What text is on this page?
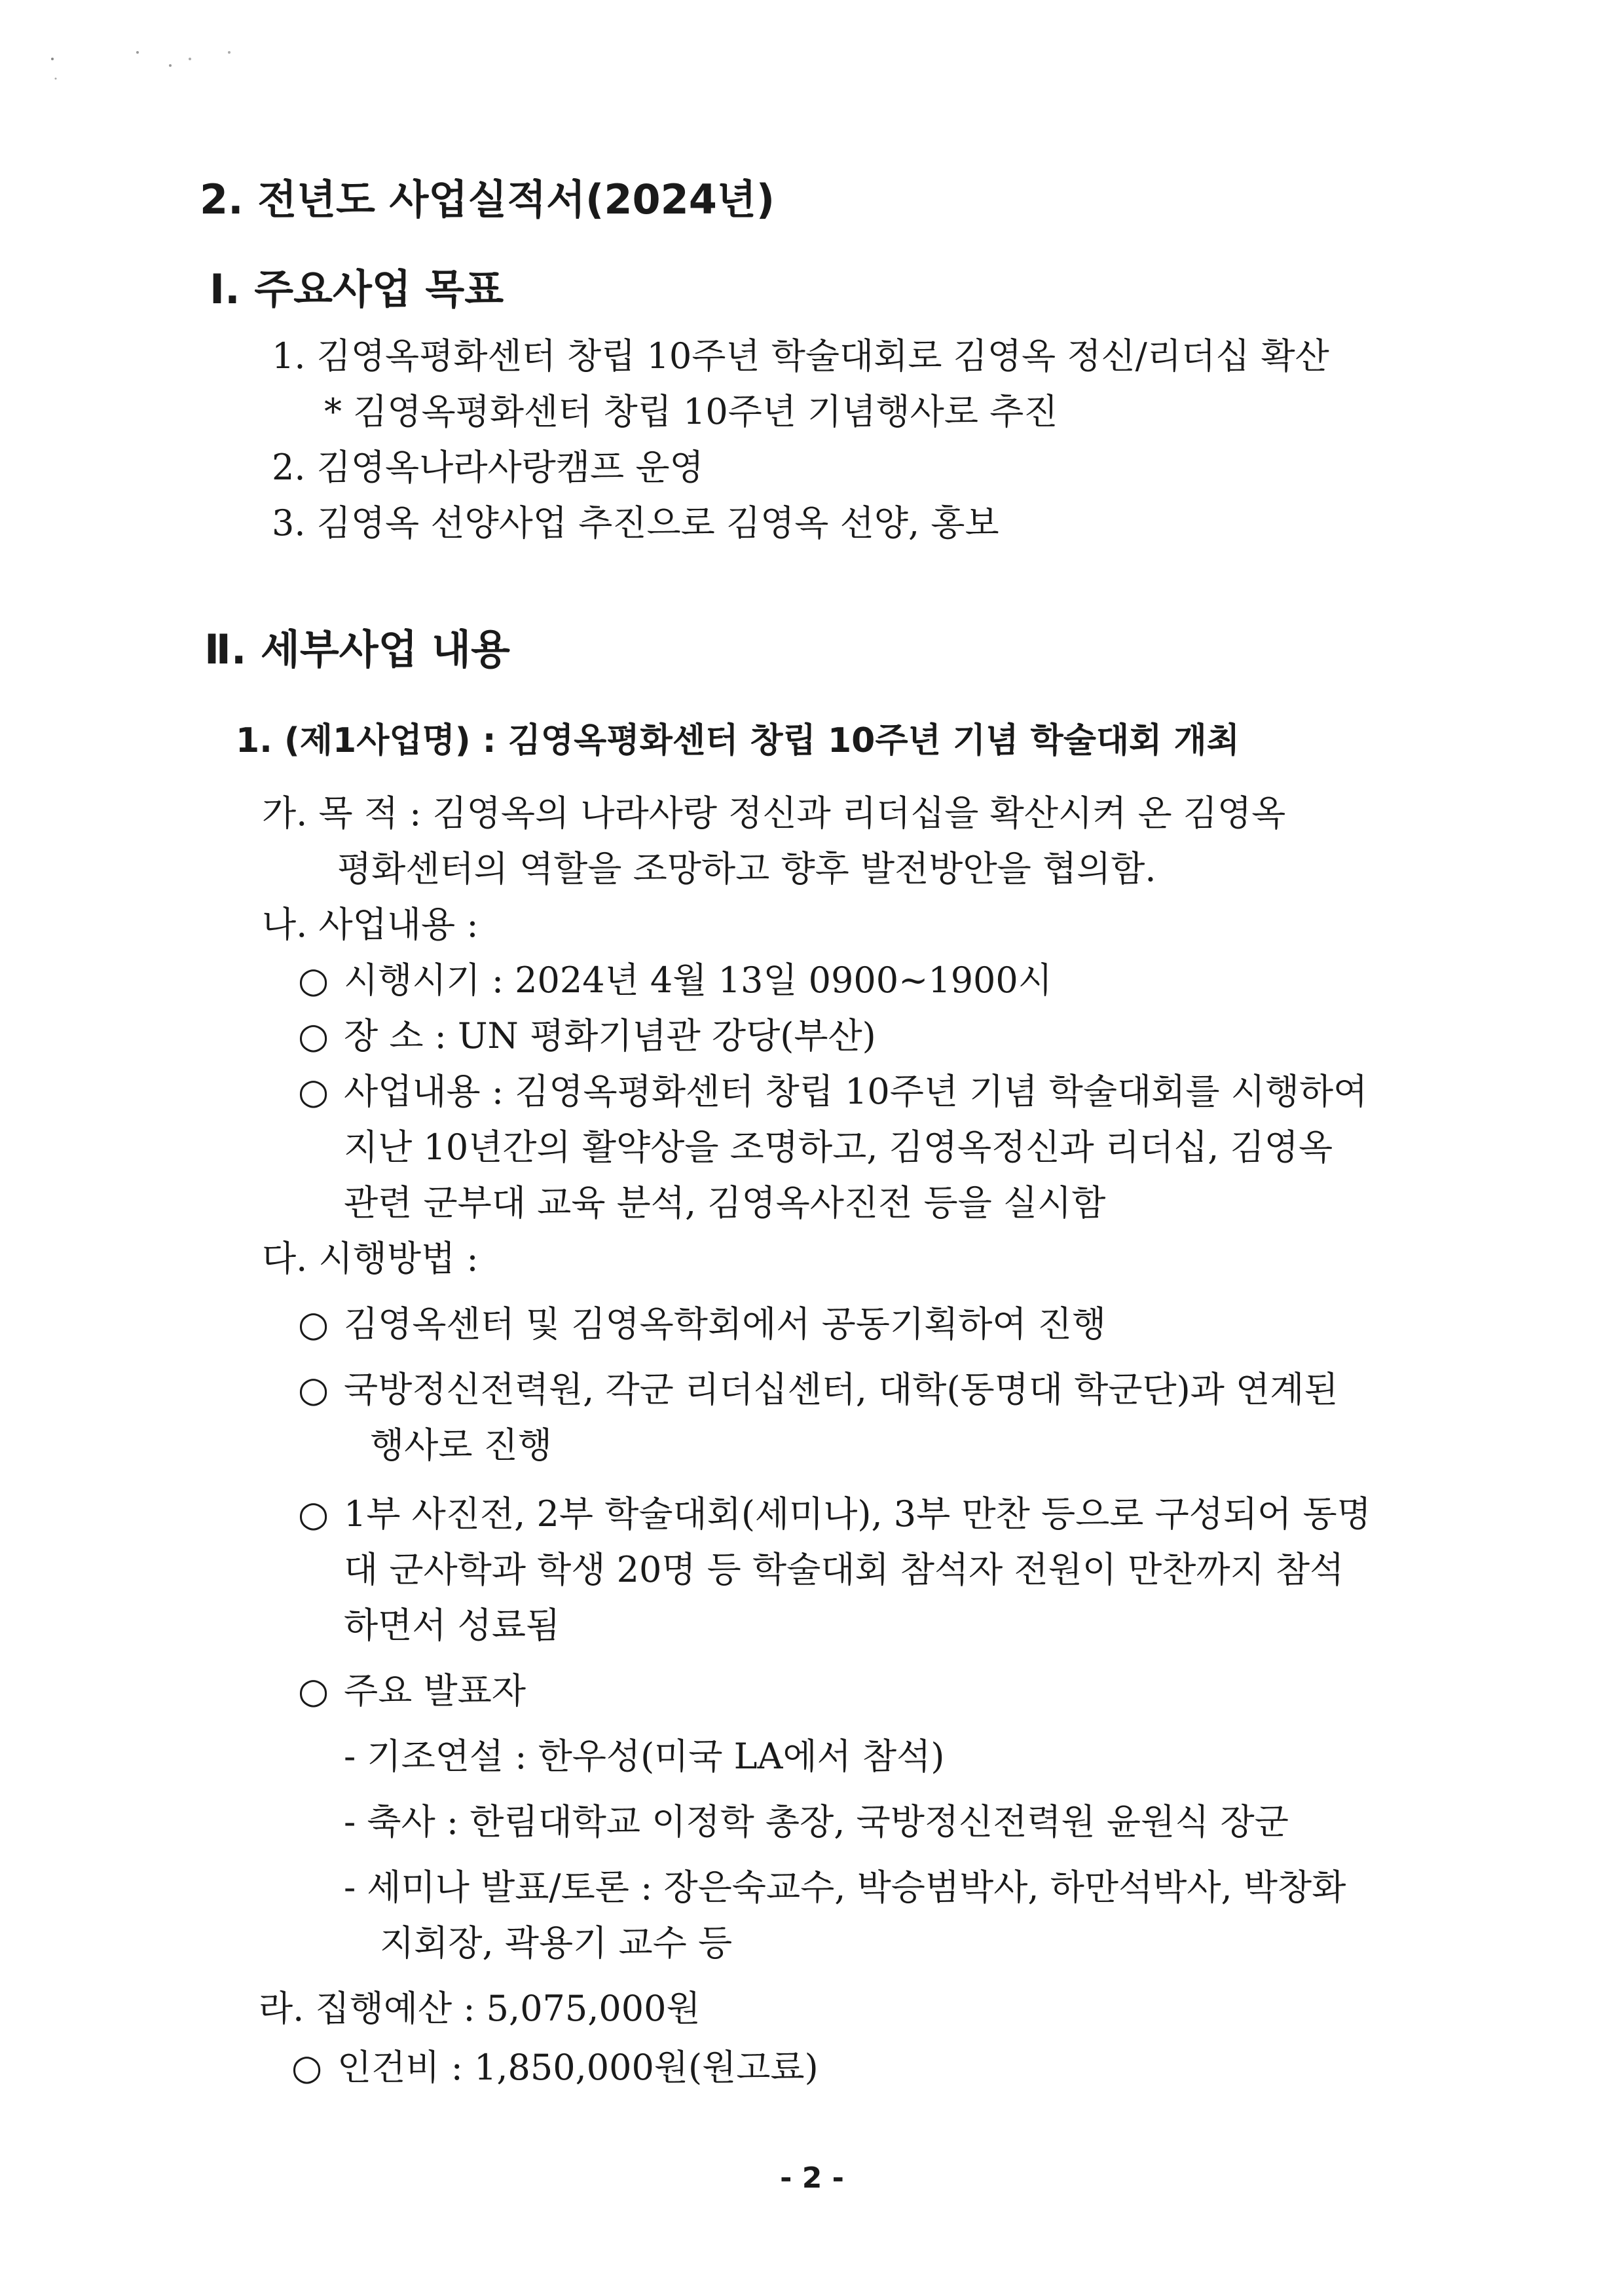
2. 전년도 사업실적서(2024년)
Ⅰ. 주요사업 목표
1. 김영옥평화센터 창립 10주년 학술대회로 김영옥 정신/리더십 확산
* 김영옥평화센터 창립 10주년 기념행사로 추진
2. 김영옥나라사랑캠프 운영
3. 김영옥 선양사업 추진으로 김영옥 선양, 홍보
Ⅱ. 세부사업 내용
1. (제1사업명) : 김영옥평화센터 창립 10주년 기념 학술대회 개최
가. 목 적 : 김영옥의 나라사랑 정신과 리더십을 확산시켜 온 김영옥
평화센터의 역할을 조망하고 향후 발전방안을 협의함.
나. 사업내용 :
○ 시행시기 : 2024년 4월 13일 0900~1900시
○ 장 소 : UN 평화기념관 강당(부산)
○ 사업내용 : 김영옥평화센터 창립 10주년 기념 학술대회를 시행하여
지난 10년간의 활약상을 조명하고, 김영옥정신과 리더십, 김영옥
관련 군부대 교육 분석, 김영옥사진전 등을 실시함
다. 시행방법 :
○ 김영옥센터 및 김영옥학회에서 공동기획하여 진행
○ 국방정신전력원, 각군 리더십센터, 대학(동명대 학군단)과 연계된
행사로 진행
○ 1부 사진전, 2부 학술대회(세미나), 3부 만찬 등으로 구성되어 동명
대 군사학과 학생 20명 등 학술대회 참석자 전원이 만찬까지 참석
하면서 성료됨
○ 주요 발표자
- 기조연설 : 한우성(미국 LA에서 참석)
- 축사 : 한림대학교 이정학 총장, 국방정신전력원 윤원식 장군
- 세미나 발표/토론 : 장은숙교수, 박승범박사, 하만석박사, 박창화
지회장, 곽용기 교수 등
라. 집행예산 : 5,075,000원
○ 인건비 : 1,850,000원(원고료)
- 2 -
